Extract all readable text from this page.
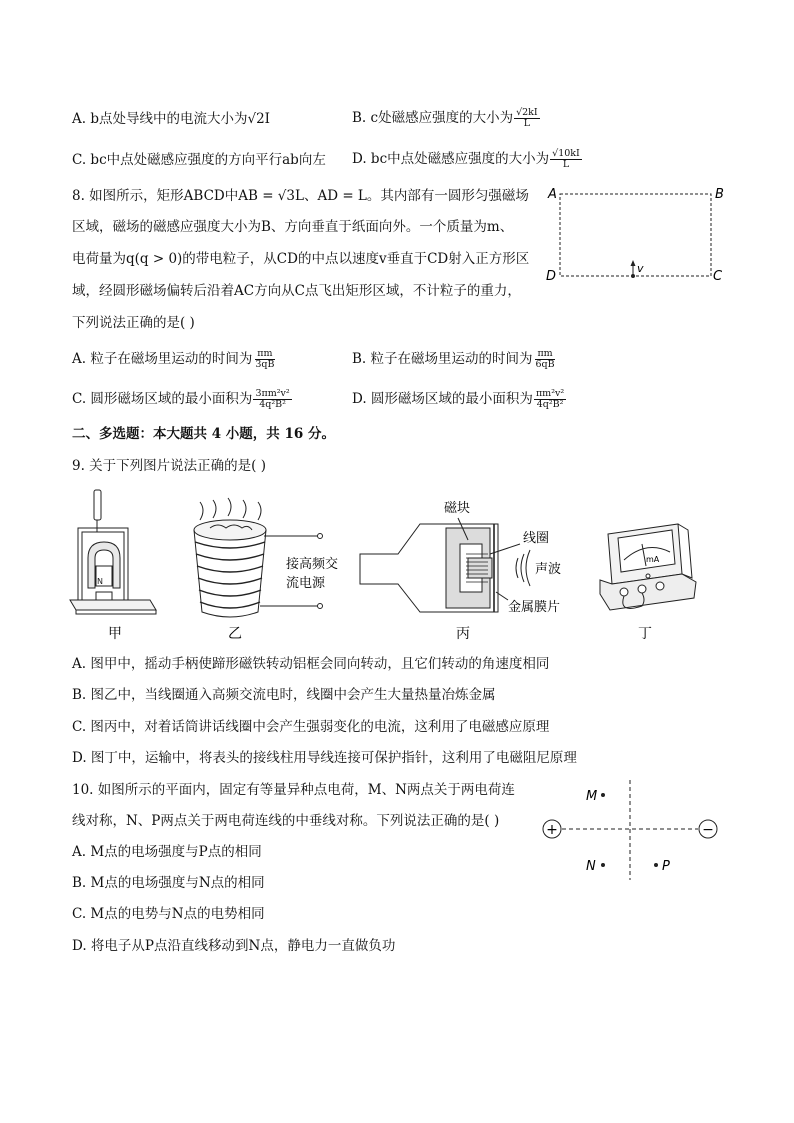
A. b点处导线中的电流大小为√2I	B. c处磁感应强度的大小为 $\frac{√2kI}{L}$
C. bc中点处磁感应强度的方向平行ab向左 D. bc中点处磁感应强度的大小为 $\frac{√10kI}{L}$
8. 如图所示，矩形ABCD中AB = √3L、AD = L。其内部有一圆形匀强磁场
区域，磁场的磁感应强度大小为B、方向垂直于纸面向外。一个质量为m、
电荷量为q(q > 0)的带电粒子，从CD的中点以速度v垂直于CD射入正方形区
域，经圆形磁场偏转后沿着AC方向从C点飞出矩形区域，不计粒子的重力，
下列说法正确的是( )
A	B
D	C
v
A. 粒子在磁场里运动的时间为 $\frac{\pi m}{3qB}$	B. 粒子在磁场里运动的时间为 $\frac{\pi m}{6qB}$
C. 圆形磁场区域的最小面积为 $\frac{\text{3πm²v²}}{\text{4q²B²}}$	D. 圆形磁场区域的最小面积为 $\frac{\text{πm²v²}}{\text{4q²B²}}$
二、多选题：本大题共 4 小题，共 16 分。
9. 关于下列图片说法正确的是( )
N
甲
接高频交
流电源
乙
磁块
线圈
声波
金属膜片
丙
mA
丁
A. 图甲中，摇动手柄使蹄形磁铁转动铝框会同向转动，且它们转动的角速度相同
B. 图乙中，当线圈通入高频交流电时，线圈中会产生大量热量冶炼金属
C. 图丙中，对着话筒讲话线圈中会产生强弱变化的电流，这利用了电磁感应原理
D. 图丁中，运输中，将表头的接线柱用导线连接可保护指针，这利用了电磁阻尼原理
10. 如图所示的平面内，固定有等量异种点电荷，M、N两点关于两电荷连
线对称，N、P两点关于两电荷连线的中垂线对称。下列说法正确的是( )
A. M点的电场强度与P点的相同
B. M点的电场强度与N点的相同
C. M点的电势与N点的电势相同
D. 将电子从P点沿直线移动到N点，静电力一直做负功
+	−
M
N	P
